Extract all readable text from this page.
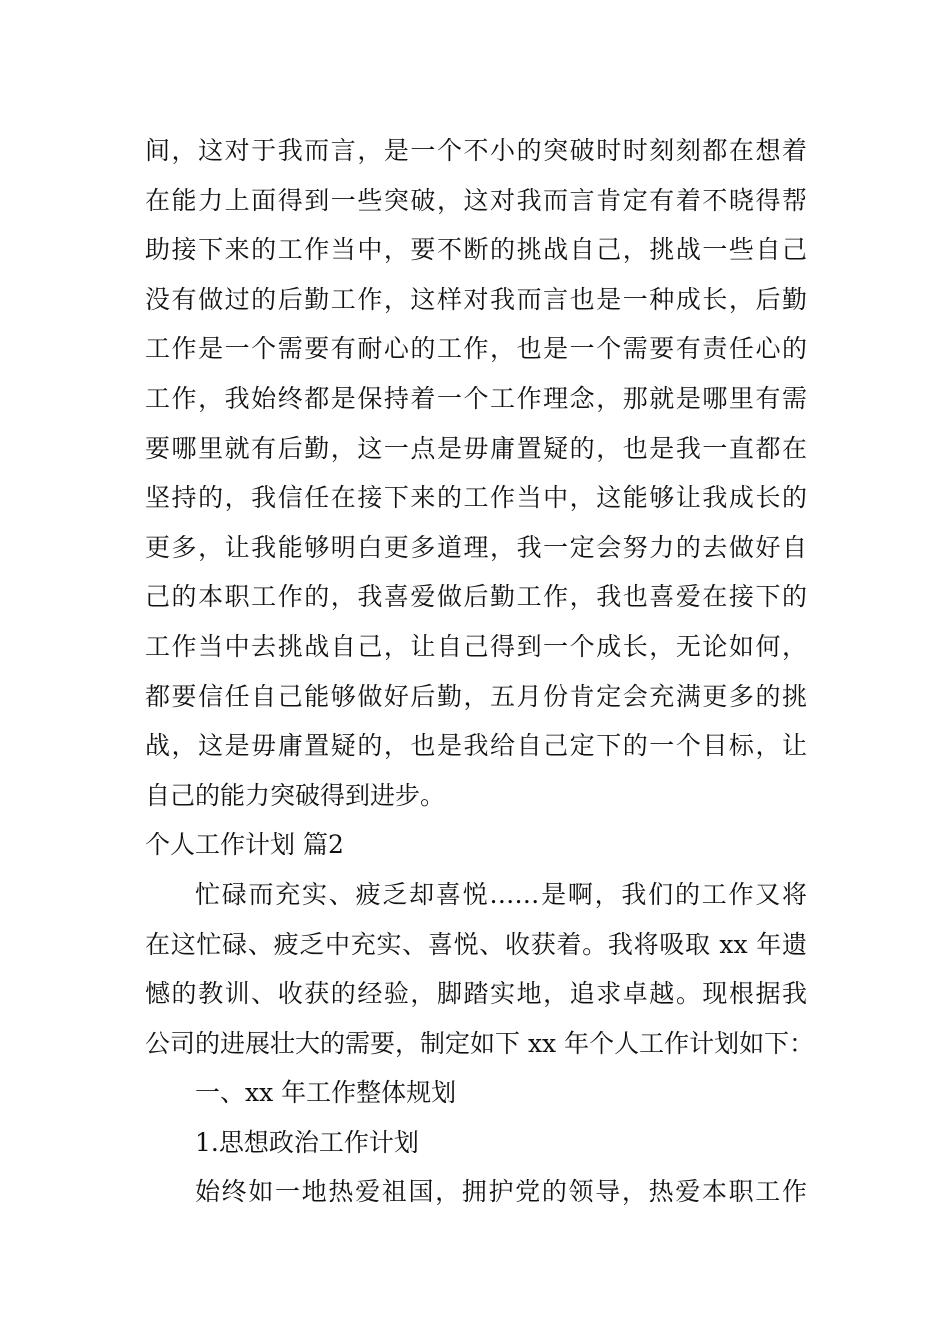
间，这对于我而言，是一个不小的突破时时刻刻都在想着
在能力上面得到一些突破，这对我而言肯定有着不晓得帮
助接下来的工作当中，要不断的挑战自己，挑战一些自己
没有做过的后勤工作，这样对我而言也是一种成长，后勤
工作是一个需要有耐心的工作，也是一个需要有责任心的
工作，我始终都是保持着一个工作理念，那就是哪里有需
要哪里就有后勤，这一点是毋庸置疑的，也是我一直都在
坚持的，我信任在接下来的工作当中，这能够让我成长的
更多，让我能够明白更多道理，我一定会努力的去做好自
己的本职工作的，我喜爱做后勤工作，我也喜爱在接下的
工作当中去挑战自己，让自己得到一个成长，无论如何，
都要信任自己能够做好后勤，五月份肯定会充满更多的挑
战，这是毋庸置疑的，也是我给自己定下的一个目标，让
自己的能力突破得到进步。
个人工作计划 篇2
忙碌而充实、疲乏却喜悦……是啊，我们的工作又将
在这忙碌、疲乏中充实、喜悦、收获着。我将吸取 xx 年遗
憾的教训、收获的经验，脚踏实地，追求卓越。现根据我
公司的进展壮大的需要，制定如下 xx 年个人工作计划如下：
一、xx 年工作整体规划
1.思想政治工作计划
始终如一地热爱祖国，拥护党的领导，热爱本职工作
